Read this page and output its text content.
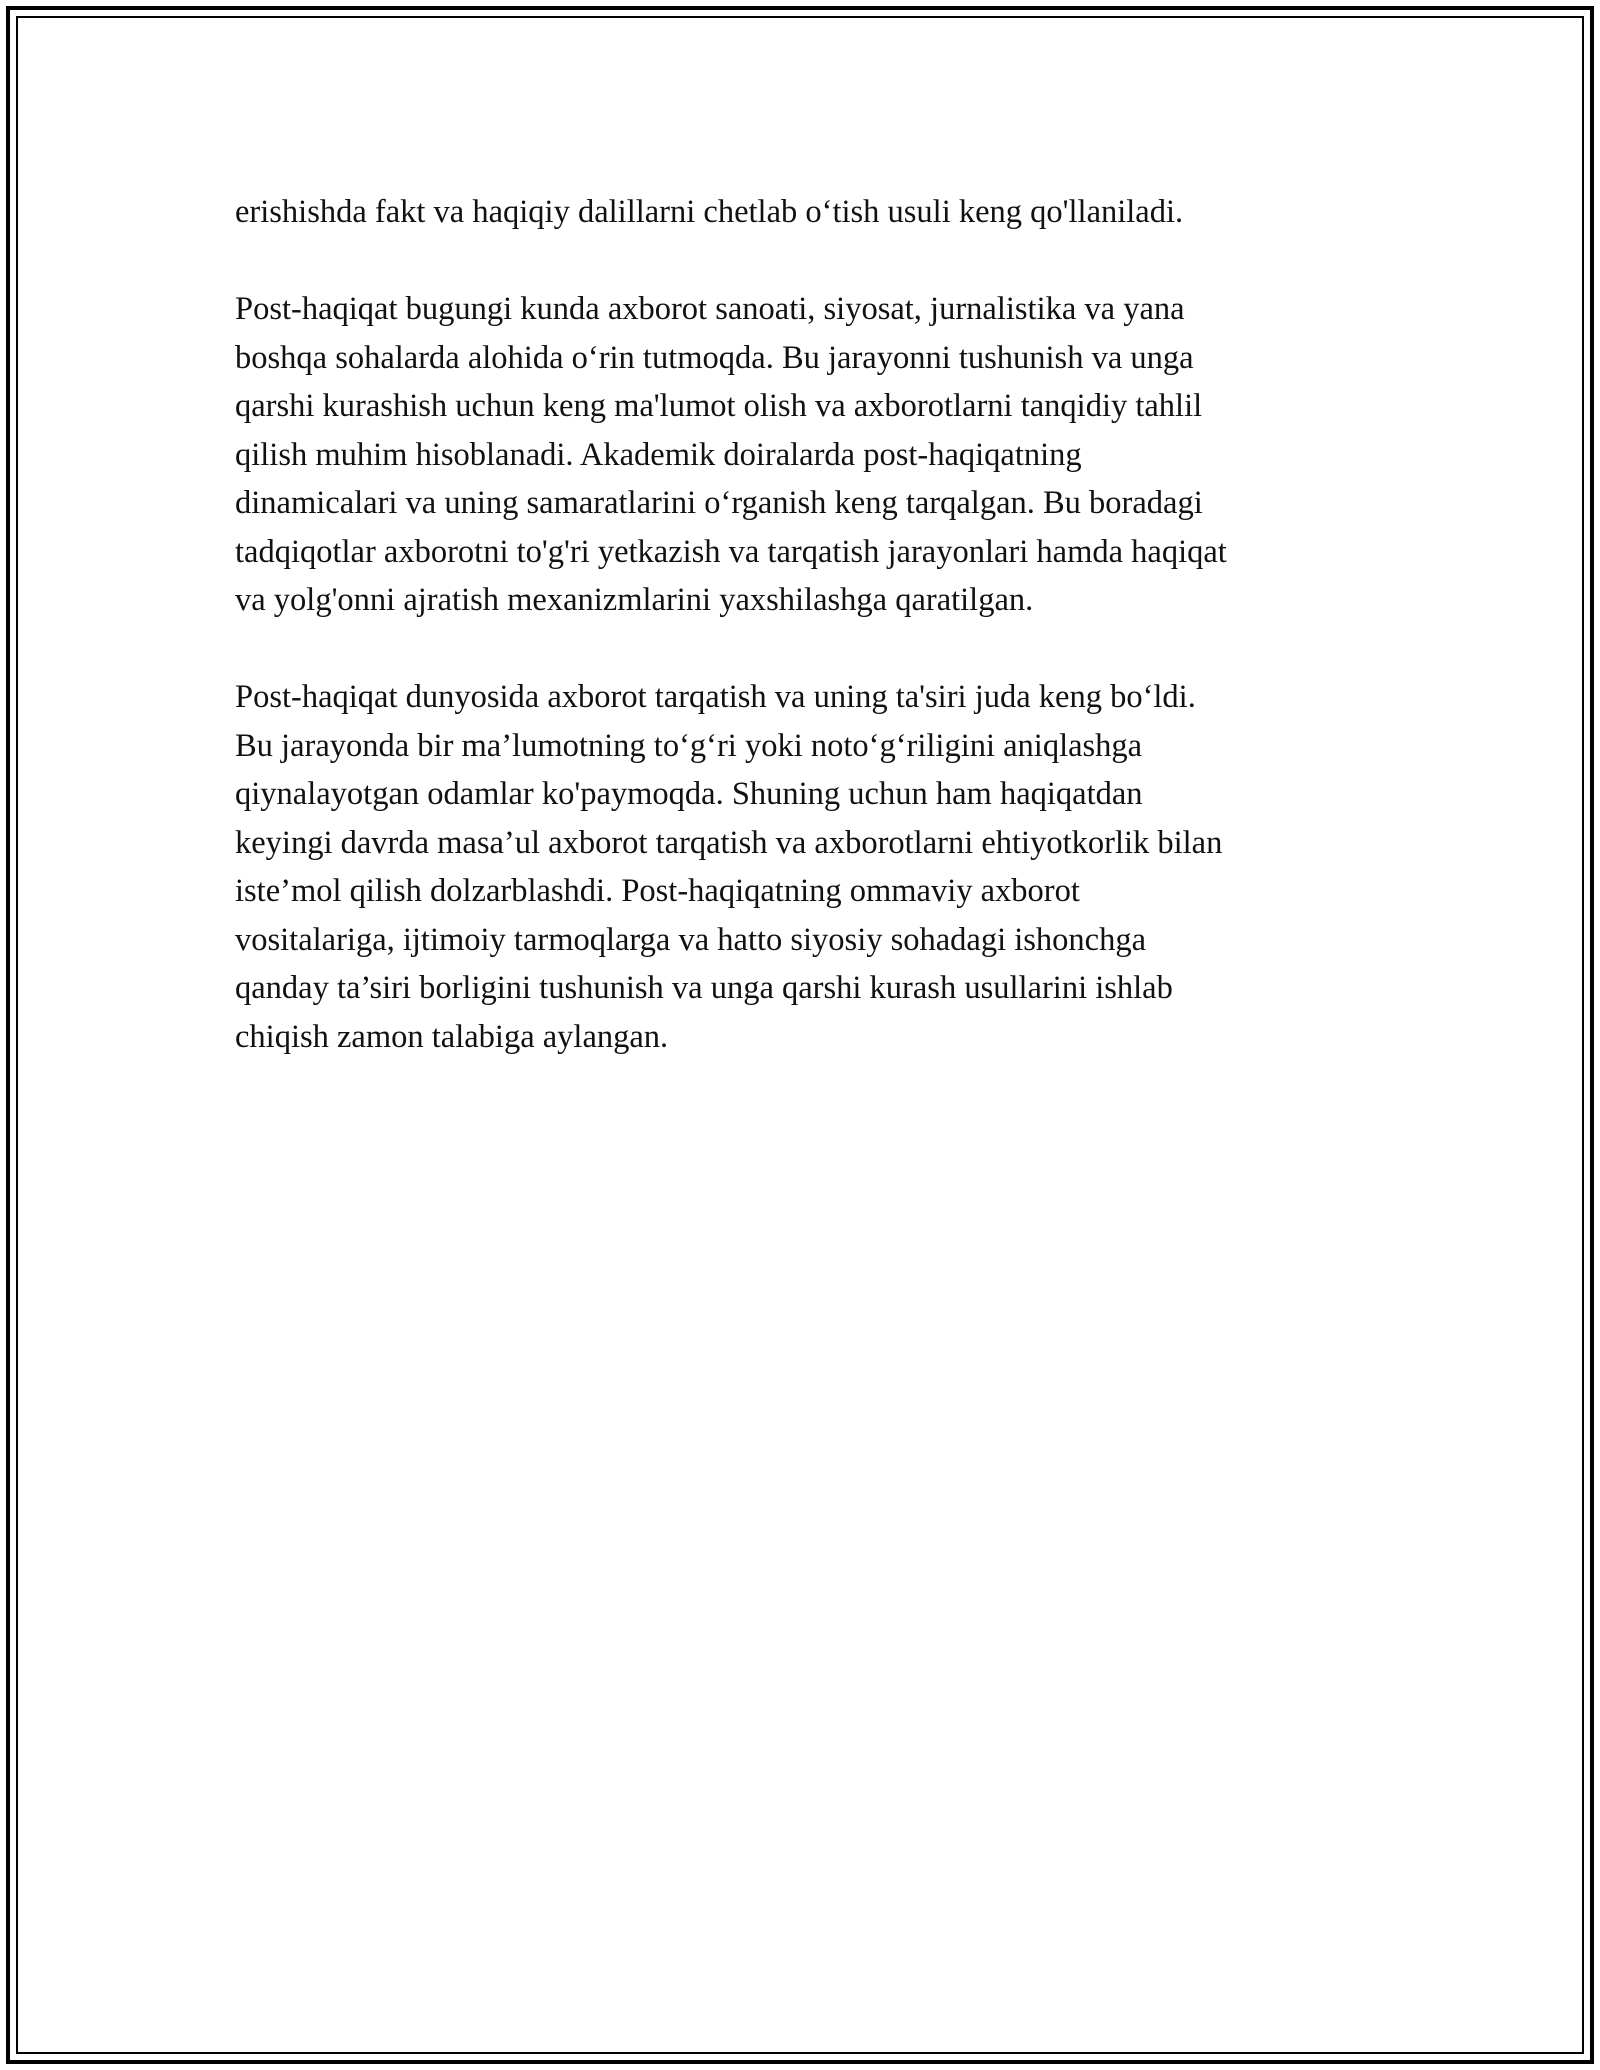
erishishda fakt va haqiqiy dalillarni chetlab o‘tish usuli keng qo'llaniladi.

Post-haqiqat bugungi kunda axborot sanoati, siyosat, jurnalistika va yana
boshqa sohalarda alohida o‘rin tutmoqda. Bu jarayonni tushunish va unga
qarshi kurashish uchun keng ma'lumot olish va axborotlarni tanqidiy tahlil
qilish muhim hisoblanadi. Akademik doiralarda post-haqiqatning
dinamicalari va uning samaratlarini o‘rganish keng tarqalgan. Bu boradagi
tadqiqotlar axborotni to'g'ri yetkazish va tarqatish jarayonlari hamda haqiqat
va yolg'onni ajratish mexanizmlarini yaxshilashga qaratilgan.

Post-haqiqat dunyosida axborot tarqatish va uning ta'siri juda keng bo‘ldi.
Bu jarayonda bir ma’lumotning to‘g‘ri yoki noto‘g‘riligini aniqlashga
qiynalayotgan odamlar ko'paymoqda. Shuning uchun ham haqiqatdan
keyingi davrda masa’ul axborot tarqatish va axborotlarni ehtiyotkorlik bilan
iste’mol qilish dolzarblashdi. Post-haqiqatning ommaviy axborot
vositalariga, ijtimoiy tarmoqlarga va hatto siyosiy sohadagi ishonchga
qanday ta’siri borligini tushunish va unga qarshi kurash usullarini ishlab
chiqish zamon talabiga aylangan.
